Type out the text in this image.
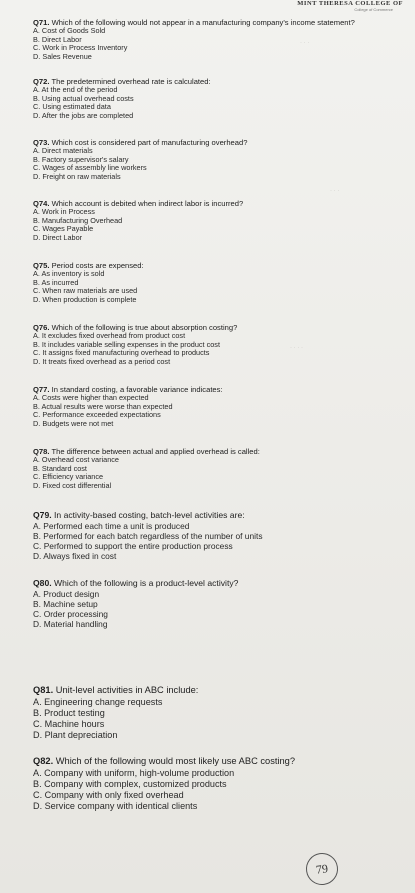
MINT THERESA COLLEGE OF
College of Commerce
· · ·
· · ·
· · · ·
Q71. Which of the following would not appear in a manufacturing company's income statement?
A. Cost of Goods Sold
B. Direct Labor
C. Work in Process Inventory
D. Sales Revenue
Q72. The predetermined overhead rate is calculated:
A. At the end of the period
B. Using actual overhead costs
C. Using estimated data
D. After the jobs are completed
Q73. Which cost is considered part of manufacturing overhead?
A. Direct materials
B. Factory supervisor's salary
C. Wages of assembly line workers
D. Freight on raw materials
Q74. Which account is debited when indirect labor is incurred?
A. Work in Process
B. Manufacturing Overhead
C. Wages Payable
D. Direct Labor
Q75. Period costs are expensed:
A. As inventory is sold
B. As incurred
C. When raw materials are used
D. When production is complete
Q76. Which of the following is true about absorption costing?
A. It excludes fixed overhead from product cost
B. It includes variable selling expenses in the product cost
C. It assigns fixed manufacturing overhead to products
D. It treats fixed overhead as a period cost
Q77. In standard costing, a favorable variance indicates:
A. Costs were higher than expected
B. Actual results were worse than expected
C. Performance exceeded expectations
D. Budgets were not met
Q78. The difference between actual and applied overhead is called:
A. Overhead cost variance
B. Standard cost
C. Efficiency variance
D. Fixed cost differential
Q79. In activity-based costing, batch-level activities are:
A. Performed each time a unit is produced
B. Performed for each batch regardless of the number of units
C. Performed to support the entire production process
D. Always fixed in cost
Q80. Which of the following is a product-level activity?
A. Product design
B. Machine setup
C. Order processing
D. Material handling
Q81. Unit-level activities in ABC include:
A. Engineering change requests
B. Product testing
C. Machine hours
D. Plant depreciation
Q82. Which of the following would most likely use ABC costing?
A. Company with uniform, high-volume production
B. Company with complex, customized products
C. Company with only fixed overhead
D. Service company with identical clients
79
